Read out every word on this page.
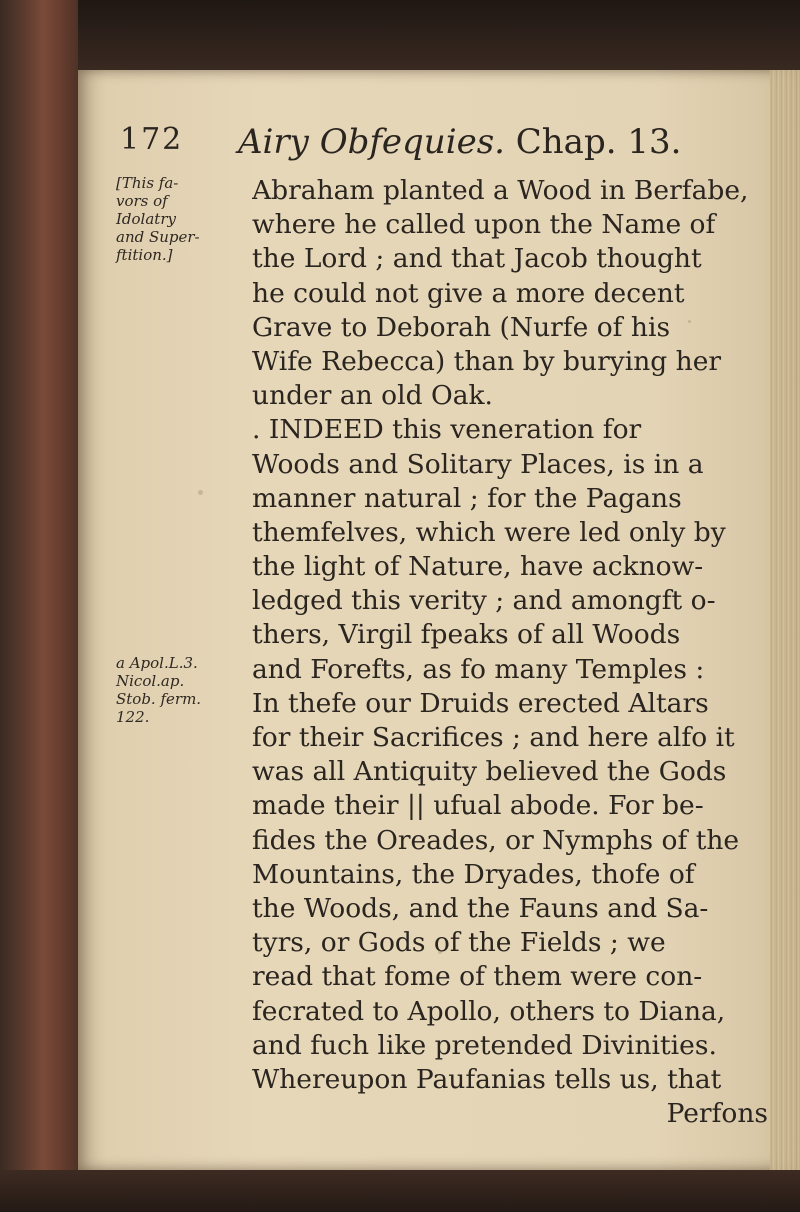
172 Airy Obfequies. Chap. 13.
[This fa-
vors of
Idolatry
and Super-
ftition.]
a Apol.L.3.
Nicol.ap.
Stob. ferm.
122.
Abraham planted a Wood in Berfabe,
where he called upon the Name of
the Lord ; and that Jacob thought
he could not give a more decent
Grave to Deborah (Nurfe of his
Wife Rebecca) than by burying her
under an old Oak.
. INDEED this veneration for
Woods and Solitary Places, is in a
manner natural ; for the Pagans
themfelves, which were led only by
the light of Nature, have acknow-
ledged this verity ; and amongft o-
thers, Virgil fpeaks of all Woods
and Forefts, as fo many Temples :
In thefe our Druids erected Altars
for their Sacrifices ; and here alfo it
was all Antiquity believed the Gods
made their || ufual abode. For be-
fides the Oreades, or Nymphs of the
Mountains, the Dryades, thofe of
the Woods, and the Fauns and Sa-
tyrs, or Gods of the Fields ; we
read that fome of them were con-
fecrated to Apollo, others to Diana,
and fuch like pretended Divinities.
Whereupon Paufanias tells us, that
Perfons
